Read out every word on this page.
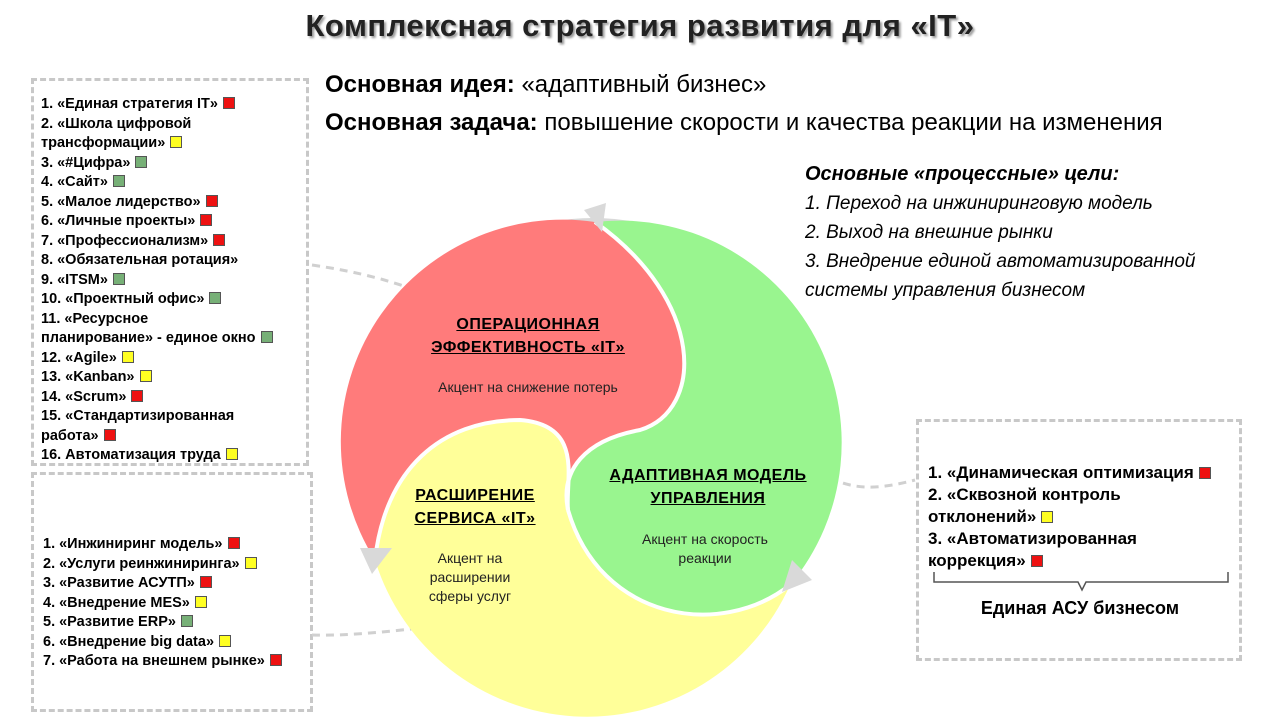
Комплексная стратегия развития для «IT»
Основная идея: «адаптивный бизнес»
Основная задача: повышение скорости и качества реакции на изменения
Основные «процессные» цели:
1. Переход на инжиниринговую модель
2. Выход на внешние рынки
3. Внедрение единой автоматизированной
системы управления бизнесом
1. «Единая стратегия IT»
2. «Школа цифровой
трансформации»
3. «#Цифра»
4. «Сайт»
5. «Малое лидерство»
6. «Личные проекты»
7. «Профессионализм»
8. «Обязательная ротация»
9. «ITSM»
10. «Проектный офис»
11. «Ресурсное
планирование» - единое окно
12. «Agile»
13. «Kanban»
14. «Scrum»
15. «Стандартизированная
работа»
16. Автоматизация труда
1. «Инжиниринг модель»
2. «Услуги реинжиниринга»
3. «Развитие АСУТП»
4. «Внедрение MES»
5. «Развитие ERP»
6. «Внедрение big data»
7. «Работа на внешнем рынке»
1. «Динамическая оптимизация
2. «Сквозной контроль
отклонений»
3. «Автоматизированная
коррекция»
Единая АСУ бизнесом
ОПЕРАЦИОННАЯ
ЭФФЕКТИВНОСТЬ «IT»
Акцент на снижение потерь
АДАПТИВНАЯ МОДЕЛЬ
УПРАВЛЕНИЯ
Акцент на скорость
реакции
РАСШИРЕНИЕ
СЕРВИСА «IT»
Акцент на
расширении
сферы услуг
